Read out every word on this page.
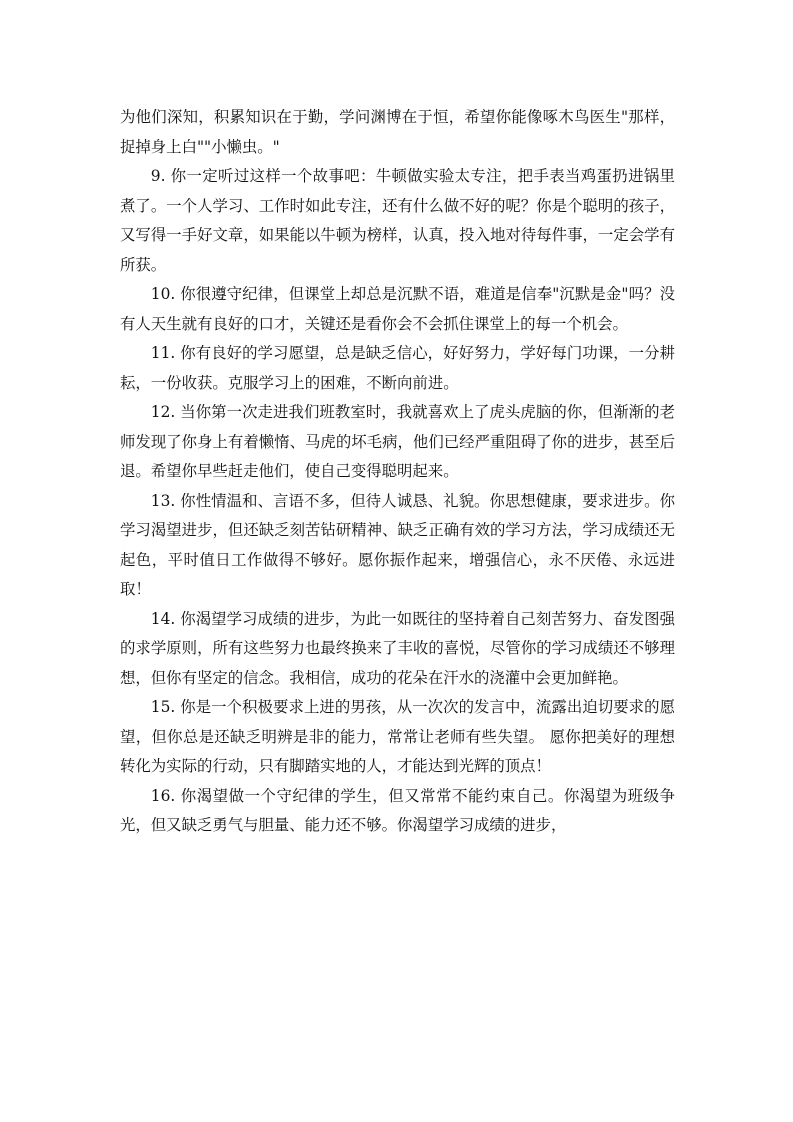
为他们深知，积累知识在于勤，学问渊博在于恒，希望你能像啄木鸟医生"那样，捉掉身上白""小懒虫。"

9. 你一定听过这样一个故事吧：牛顿做实验太专注，把手表当鸡蛋扔进锅里煮了。一个人学习、工作时如此专注，还有什么做不好的呢？你是个聪明的孩子，又写得一手好文章，如果能以牛顿为榜样，认真，投入地对待每件事，一定会学有所获。

10. 你很遵守纪律，但课堂上却总是沉默不语，难道是信奉"沉默是金"吗？没有人天生就有良好的口才，关键还是看你会不会抓住课堂上的每一个机会。

11. 你有良好的学习愿望，总是缺乏信心，好好努力，学好每门功课，一分耕耘，一份收获。克服学习上的困难，不断向前进。

12. 当你第一次走进我们班教室时，我就喜欢上了虎头虎脑的你，但渐渐的老师发现了你身上有着懒惰、马虎的坏毛病，他们已经严重阻碍了你的进步，甚至后退。希望你早些赶走他们，使自己变得聪明起来。

13. 你性情温和、言语不多，但待人诚恳、礼貌。你思想健康，要求进步。你学习渴望进步，但还缺乏刻苦钻研精神、缺乏正确有效的学习方法，学习成绩还无起色，平时值日工作做得不够好。愿你振作起来，增强信心，永不厌倦、永远进取！

14. 你渴望学习成绩的进步，为此一如既往的坚持着自己刻苦努力、奋发图强的求学原则，所有这些努力也最终换来了丰收的喜悦，尽管你的学习成绩还不够理想，但你有坚定的信念。我相信，成功的花朵在汗水的浇灌中会更加鲜艳。

15. 你是一个积极要求上进的男孩，从一次次的发言中，流露出迫切要求的愿望，但你总是还缺乏明辨是非的能力，常常让老师有些失望。 愿你把美好的理想转化为实际的行动，只有脚踏实地的人，才能达到光辉的顶点！

16. 你渴望做一个守纪律的学生，但又常常不能约束自己。你渴望为班级争光，但又缺乏勇气与胆量、能力还不够。你渴望学习成绩的进步，
